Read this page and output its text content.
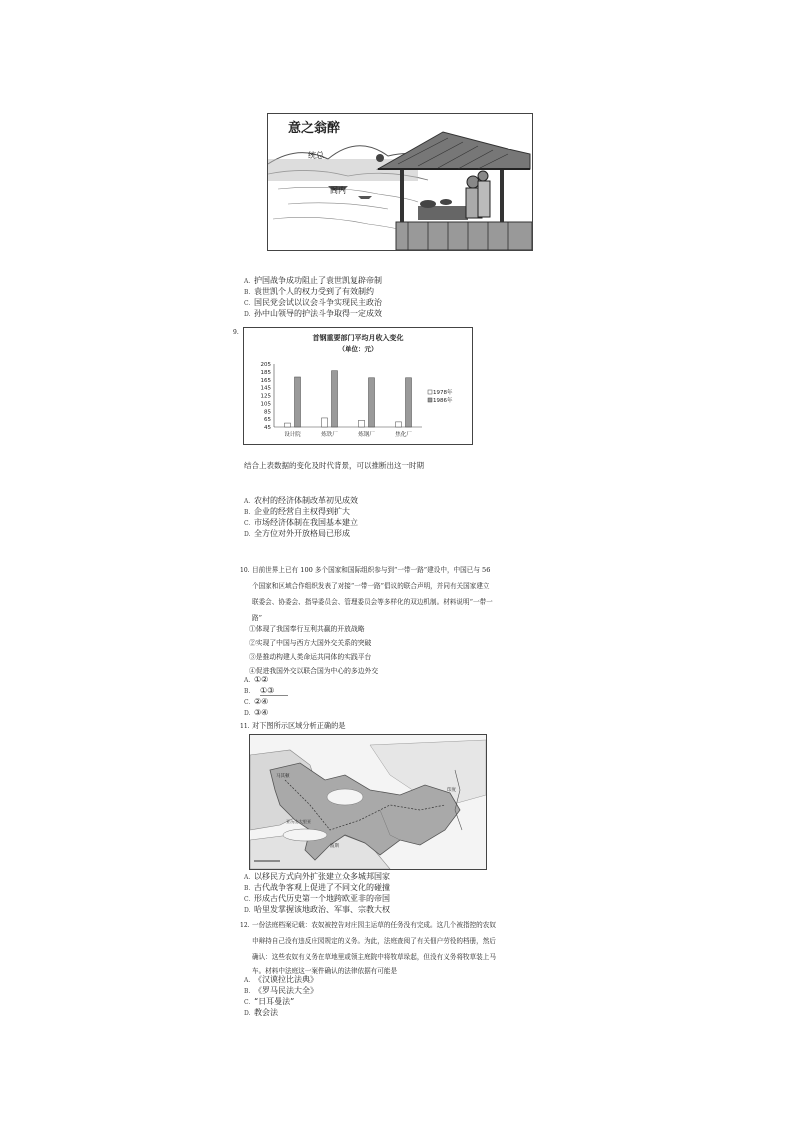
意之翁醉
统总
阁内
A. 护国战争成功阻止了袁世凯复辟帝制
B. 袁世凯个人的权力受到了有效制约
C. 国民党会试以议会斗争实现民主政治
D. 孙中山领导的护法斗争取得一定成效
9.
首钢重要部门平均月收入变化
（单位：元）
205
185
165
145
125
105
85
65
45
设计院	炼铁厂	炼钢厂	焦化厂
1978年
1986年
结合上表数据的变化及时代背景，可以推断出这一时期
A. 农村的经济体制改革初见成效
B. 企业的经营自主权得到扩大
C. 市场经济体制在我国基本建立
D. 全方位对外开放格局已形成
10. 目前世界上已有 100 多个国家和国际组织参与到“一带一路”建设中，中国已与 56
个国家和区域合作组织发表了对接“一带一路”倡议的联合声明，并同有关国家建立
联委会、协委会、指导委员会、管理委员会等多样化的双边机制。材料说明“一带一
路”
①体现了我国奉行互利共赢的开放战略
②实现了中国与西方大国外交关系的突破
③是推动构建人类命运共同体的实践平台
④促进我国外交以联合国为中心的多边外交
A. ①②
B. ①③
C. ②④
D. ③④
11. 对下图所示区域分析正确的是
马其顿
波斯
印度
亚历山大里亚
A. 以移民方式向外扩张建立众多城邦国家
B. 古代战争客观上促进了不同文化的碰撞
C. 形成古代历史第一个地跨欧亚非的帝国
D. 哈里发掌握该地政治、军事、宗教大权
12. 一份法庭档案记载：农奴被控告对庄园主运草的任务没有完成。这几个被指控的农奴
申辩持自己没有违反庄园规定的义务。为此，法庭查阅了有关佃户劳役的档册，然后
确认：这些农奴有义务在草地里或领主庭院中将牧草垛起，但没有义务将牧草装上马
车。材料中法庭这一案件确认的法律依据有可能是
A. 《汉谟拉比法典》
B. 《罗马民法大全》
C. “日耳曼法”
D. 教会法
